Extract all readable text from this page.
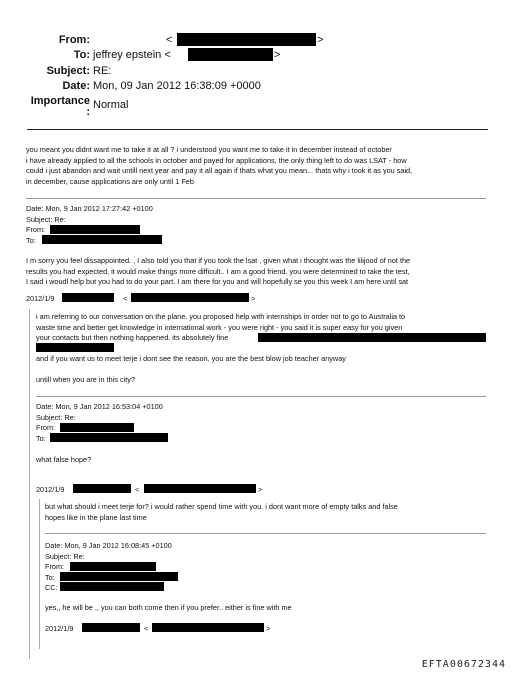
From:	<	>
To: jeffrey epstein <	>
Subject: RE:
Date: Mon, 09 Jan 2012 16:38:09 +0000
Importance
:
Normal
you meant you didnt want me to take it at all ? i understood you want me to take it in december instead of october
i have already applied to all the schools in october and payed for applications, the only thing left to do was LSAT - how
could i just abandon and wait untill next year and pay it all again if thats what you mean... thats why i took it as you said,
in december, cause applications are only until 1 Feb
Date: Mon, 9 Jan 2012 17:27:42 +0100
Subject: Re:
From:
To:
I m sorry you feel dissappointed. , I also told you that if you took the lsat , given what i thought was the lilijood of not the
results you had expected, it would make things more difficult.. I am a good friend. you were determined to take the test,
I said i woudl help but you had to do your part. I am there for you and will hopefully se you this week I am here until sat
2012/1/9	<	>
i am referring to our conversation on the plane. you proposed help with internships in order not to go to Australia to
waste time and better get knowledge in international work - you were right - you said it is super easy for you given
your contacts but then nothing happened. its absolutely fine
and if you want us to meet terje i dont see the reason. you are the best blow job teacher anyway
untill when you are in this city?
Date: Mon, 9 Jan 2012 16:53:04 +0100
Subject: Re:
From:
To:
what false hope?
2012/1/9	<	>
but what should i meet terje for? i would rather spend time with you. i dont want more of empty talks and false
hopes like in the plane last time
Date: Mon, 9 Jan 2012 16:08:45 +0100
Subject: Re:
From:
To:
CC:
yes,, he will be ,, you can both come then if you prefer.. either is fine with me
2012/1/9	<	>
EFTA00672344
